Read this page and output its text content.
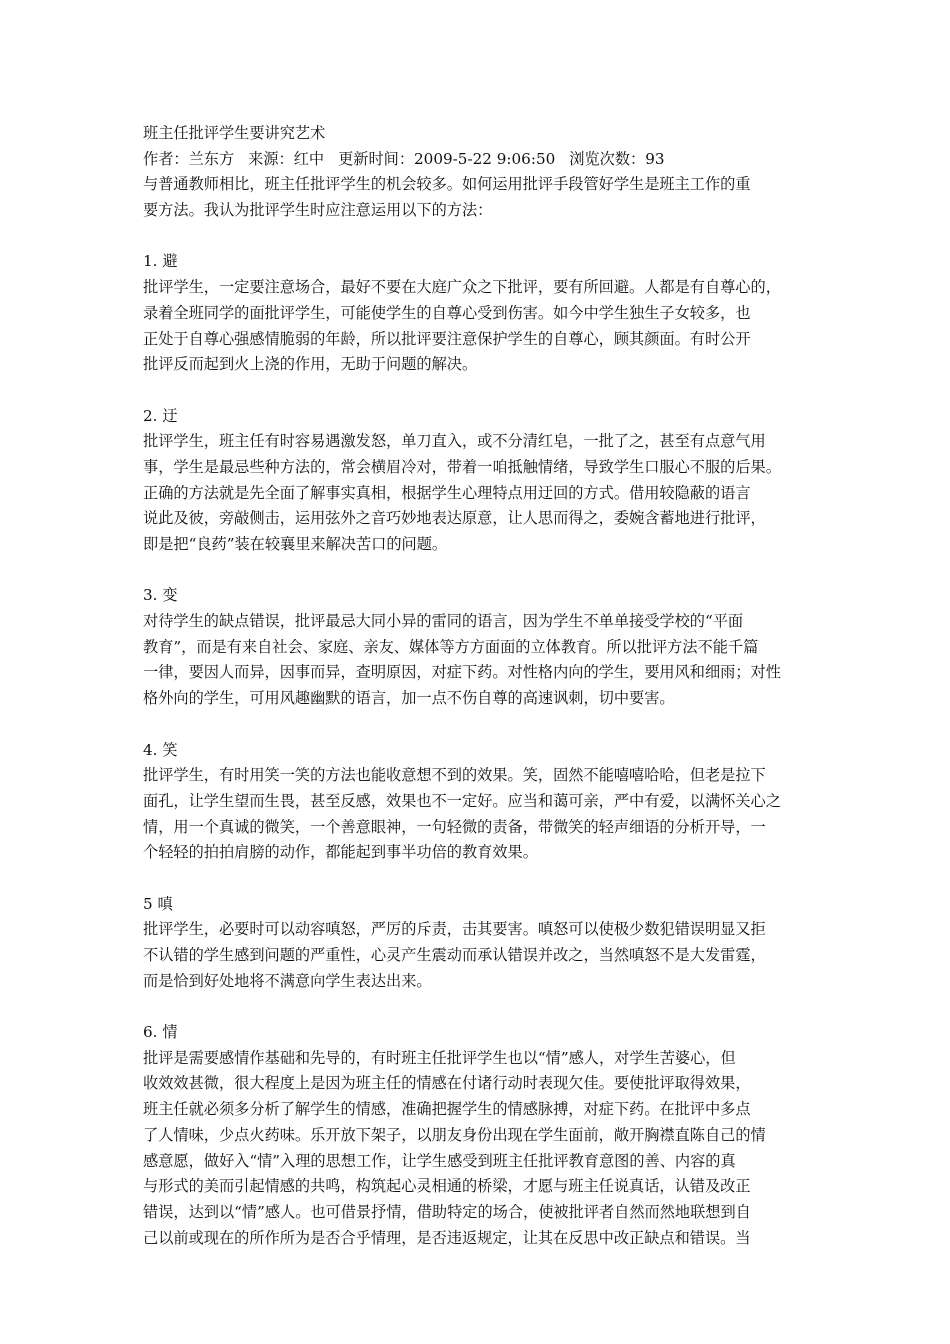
班主任批评学生要讲究艺术
作者：兰东方 来源：红中 更新时间：2009-5-22 9:06:50 浏览次数：93
与普通教师相比，班主任批评学生的机会较多。如何运用批评手段管好学生是班主工作的重
要方法。我认为批评学生时应注意运用以下的方法：
1. 避
批评学生，一定要注意场合，最好不要在大庭广众之下批评，要有所回避。人都是有自尊心的，
录着全班同学的面批评学生，可能使学生的自尊心受到伤害。如今中学生独生子女较多，也
正处于自尊心强感情脆弱的年龄，所以批评要注意保护学生的自尊心，顾其颜面。有时公开
批评反而起到火上浇的作用，无助于问题的解决。
2. 迂
批评学生，班主任有时容易遇激发怒，单刀直入，或不分清红皂，一批了之，甚至有点意气用
事，学生是最忌些种方法的，常会横眉冷对，带着一咱抵触情绪，导致学生口服心不服的后果。
正确的方法就是先全面了解事实真相，根据学生心理特点用迂回的方式。借用较隐蔽的语言
说此及彼，旁敲侧击，运用弦外之音巧妙地表达原意，让人思而得之，委婉含蓄地进行批评，
即是把“良药”装在较襄里来解决苦口的问题。
3. 变
对待学生的缺点错误，批评最忌大同小异的雷同的语言，因为学生不单单接受学校的“平面
教育”，而是有来自社会、家庭、亲友、媒体等方方面面的立体教育。所以批评方法不能千篇
一律，要因人而异，因事而异，查明原因，对症下药。对性格内向的学生，要用风和细雨；对性
格外向的学生，可用风趣幽默的语言，加一点不伤自尊的高速讽刺，切中要害。
4. 笑
批评学生，有时用笑一笑的方法也能收意想不到的效果。笑，固然不能嘻嘻哈哈，但老是拉下
面孔，让学生望而生畏，甚至反感，效果也不一定好。应当和蔼可亲，严中有爱，以满怀关心之
情，用一个真诚的微笑，一个善意眼神，一句轻微的责备，带微笑的轻声细语的分析开导，一
个轻轻的拍拍肩膀的动作，都能起到事半功倍的教育效果。
5 嗔
批评学生，必要时可以动容嗔怒，严厉的斥责，击其要害。嗔怒可以使极少数犯错误明显又拒
不认错的学生感到问题的严重性，心灵产生震动而承认错误并改之，当然嗔怒不是大发雷霆，
而是恰到好处地将不满意向学生表达出来。
6. 情
批评是需要感情作基础和先导的，有时班主任批评学生也以“情”感人，对学生苦婆心，但
收效效甚微，很大程度上是因为班主任的情感在付诸行动时表现欠佳。要使批评取得效果，
班主任就必须多分析了解学生的情感，准确把握学生的情感脉搏，对症下药。在批评中多点
了人情味，少点火药味。乐开放下架子，以朋友身份出现在学生面前，敞开胸襟直陈自己的情
感意愿，做好入“情”入理的思想工作，让学生感受到班主任批评教育意图的善、内容的真
与形式的美而引起情感的共鸣，构筑起心灵相通的桥梁，才愿与班主任说真话，认错及改正
错误，达到以“情”感人。也可借景抒情，借助特定的场合，使被批评者自然而然地联想到自
己以前或现在的所作所为是否合乎情理，是否违返规定，让其在反思中改正缺点和错误。当
